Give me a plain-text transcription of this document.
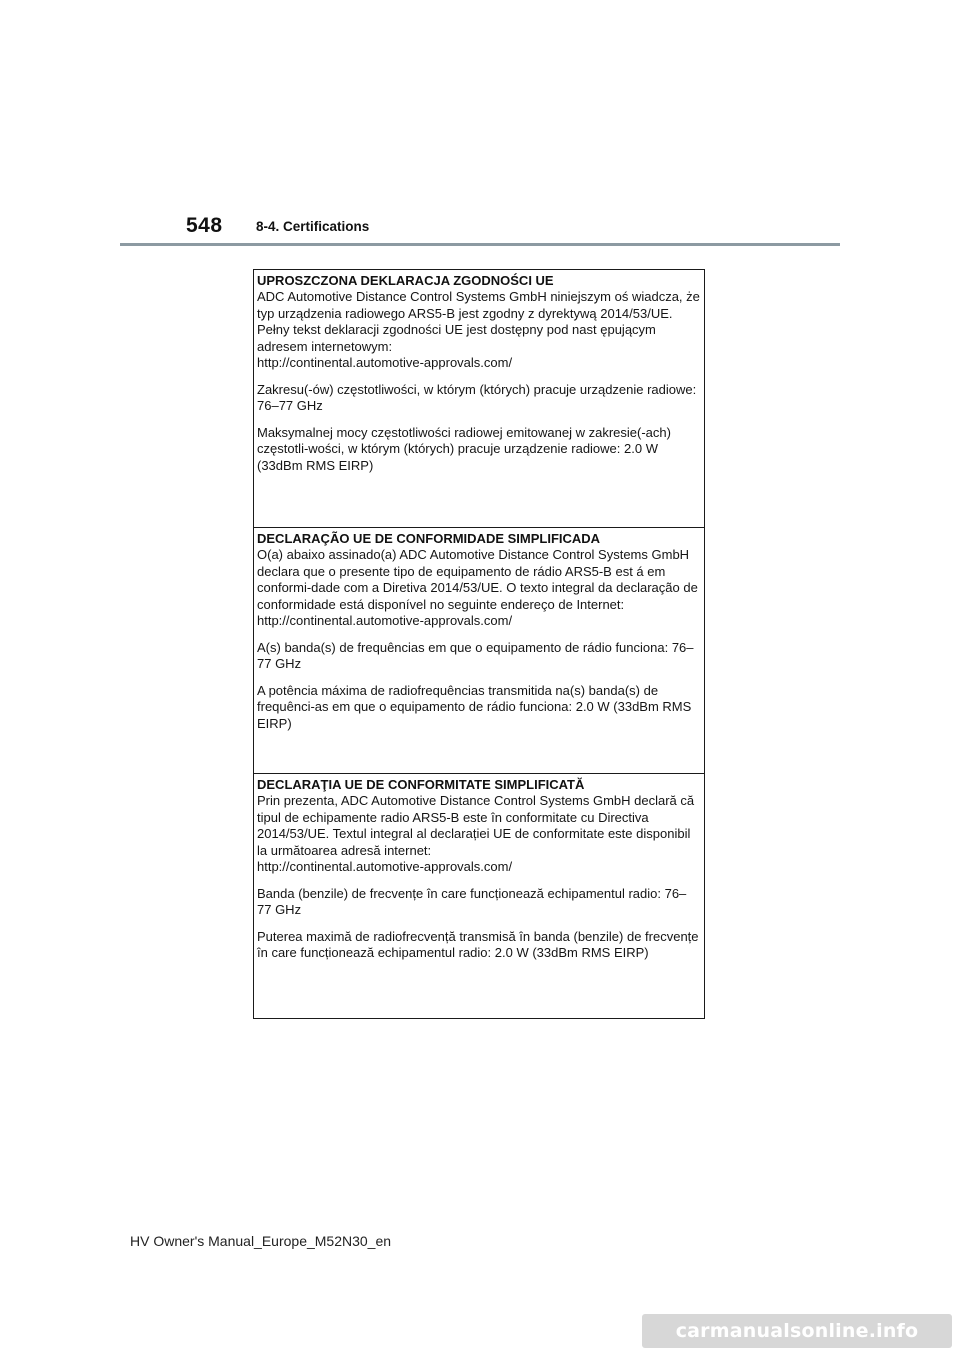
548 8-4. Certifications
UPROSZCZONA DEKLARACJA ZGODNOŚCI UE

ADC Automotive Distance Control Systems GmbH niniejszym oś wiadcza, że typ urządzenia radiowego ARS5-B jest zgodny z dyrektywą 2014/53/UE. Pełny tekst deklaracji zgodności UE jest dostępny pod nast ępującym adresem internetowym:
http://continental.automotive-approvals.com/

Zakresu(-ów) częstotliwości, w którym (których) pracuje urządzenie radiowe: 76–77 GHz

Maksymalnej mocy częstotliwości radiowej emitowanej w zakresie(-ach) częstotli-wości, w którym (których) pracuje urządzenie radiowe: 2.0 W (33dBm RMS EIRP)

DECLARAÇÃO UE DE CONFORMIDADE SIMPLIFICADA

O(a) abaixo assinado(a) ADC Automotive Distance Control Systems GmbH declara que o presente tipo de equipamento de rádio ARS5-B est á em conformi-dade com a Diretiva 2014/53/UE. O texto integral da declaração de conformidade está disponível no seguinte endereço de Internet:
http://continental.automotive-approvals.com/

A(s) banda(s) de frequências em que o equipamento de rádio funciona: 76–77 GHz

A potência máxima de radiofrequências transmitida na(s) banda(s) de frequênci-as em que o equipamento de rádio funciona: 2.0 W (33dBm RMS EIRP)

DECLARAŢIA UE DE CONFORMITATE SIMPLIFICATĂ

Prin prezenta, ADC Automotive Distance Control Systems GmbH declară că tipul de echipamente radio ARS5-B este în conformitate cu Directiva 2014/53/UE. Textul integral al declarației UE de conformitate este disponibil la următoarea adresă internet:
http://continental.automotive-approvals.com/

Banda (benzile) de frecvențe în care funcționează echipamentul radio: 76–77 GHz

Puterea maximă de radiofrecvență transmisă în banda (benzile) de frecvențe în care funcționează echipamentul radio: 2.0 W (33dBm RMS EIRP)

HV Owner's Manual_Europe_M52N30_en
carmanualsonline.info
